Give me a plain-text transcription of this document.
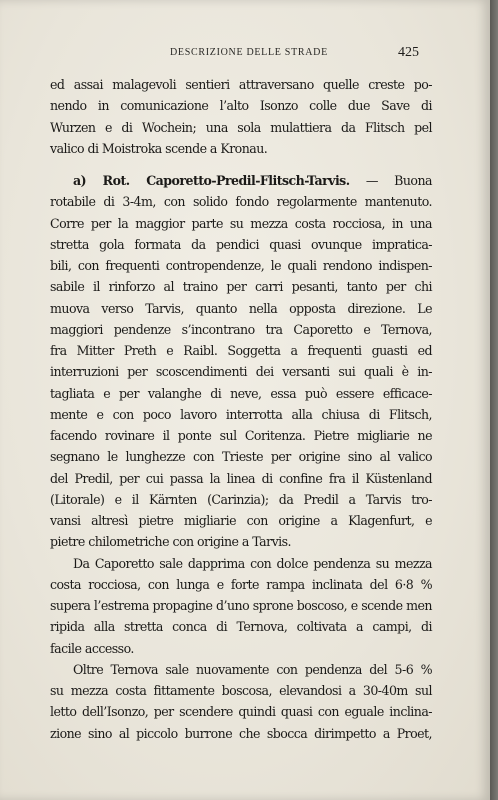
DESCRIZIONE DELLE STRADE	425
ed assai malagevoli sentieri attraversano quelle creste po-
nendo in comunicazione l’alto Isonzo colle due Save di
Wurzen e di Wochein; una sola mulattiera da Flitsch pel
valico di Moistroka scende a Kronau.
a) Rot. Caporetto-Predil-Flitsch-Tarvis. — Buona
rotabile di 3-4m, con solido fondo regolarmente mantenuto.
Corre per la maggior parte su mezza costa rocciosa, in una
stretta gola formata da pendici quasi ovunque impratica-
bili, con frequenti contropendenze, le quali rendono indispen-
sabile il rinforzo al traino per carri pesanti, tanto per chi
muova verso Tarvis, quanto nella opposta direzione. Le
maggiori pendenze s’incontrano tra Caporetto e Ternova,
fra Mitter Preth e Raibl. Soggetta a frequenti guasti ed
interruzioni per scoscendimenti dei versanti sui quali è in-
tagliata e per valanghe di neve, essa può essere efficace-
mente e con poco lavoro interrotta alla chiusa di Flitsch,
facendo rovinare il ponte sul Coritenza. Pietre migliarie ne
segnano le lunghezze con Trieste per origine sino al valico
del Predil, per cui passa la linea di confine fra il Küstenland
(Litorale) e il Kärnten (Carinzia); da Predil a Tarvis tro-
vansi altresì pietre migliarie con origine a Klagenfurt, e
pietre chilometriche con origine a Tarvis.
Da Caporetto sale dapprima con dolce pendenza su mezza
costa rocciosa, con lunga e forte rampa inclinata del 6·8 %
supera l’estrema propagine d’uno sprone boscoso, e scende men
ripida alla stretta conca di Ternova, coltivata a campi, di
facile accesso.
Oltre Ternova sale nuovamente con pendenza del 5-6 %
su mezza costa fittamente boscosa, elevandosi a 30-40m sul
letto dell’Isonzo, per scendere quindi quasi con eguale inclina-
zione sino al piccolo burrone che sbocca dirimpetto a Proet,
